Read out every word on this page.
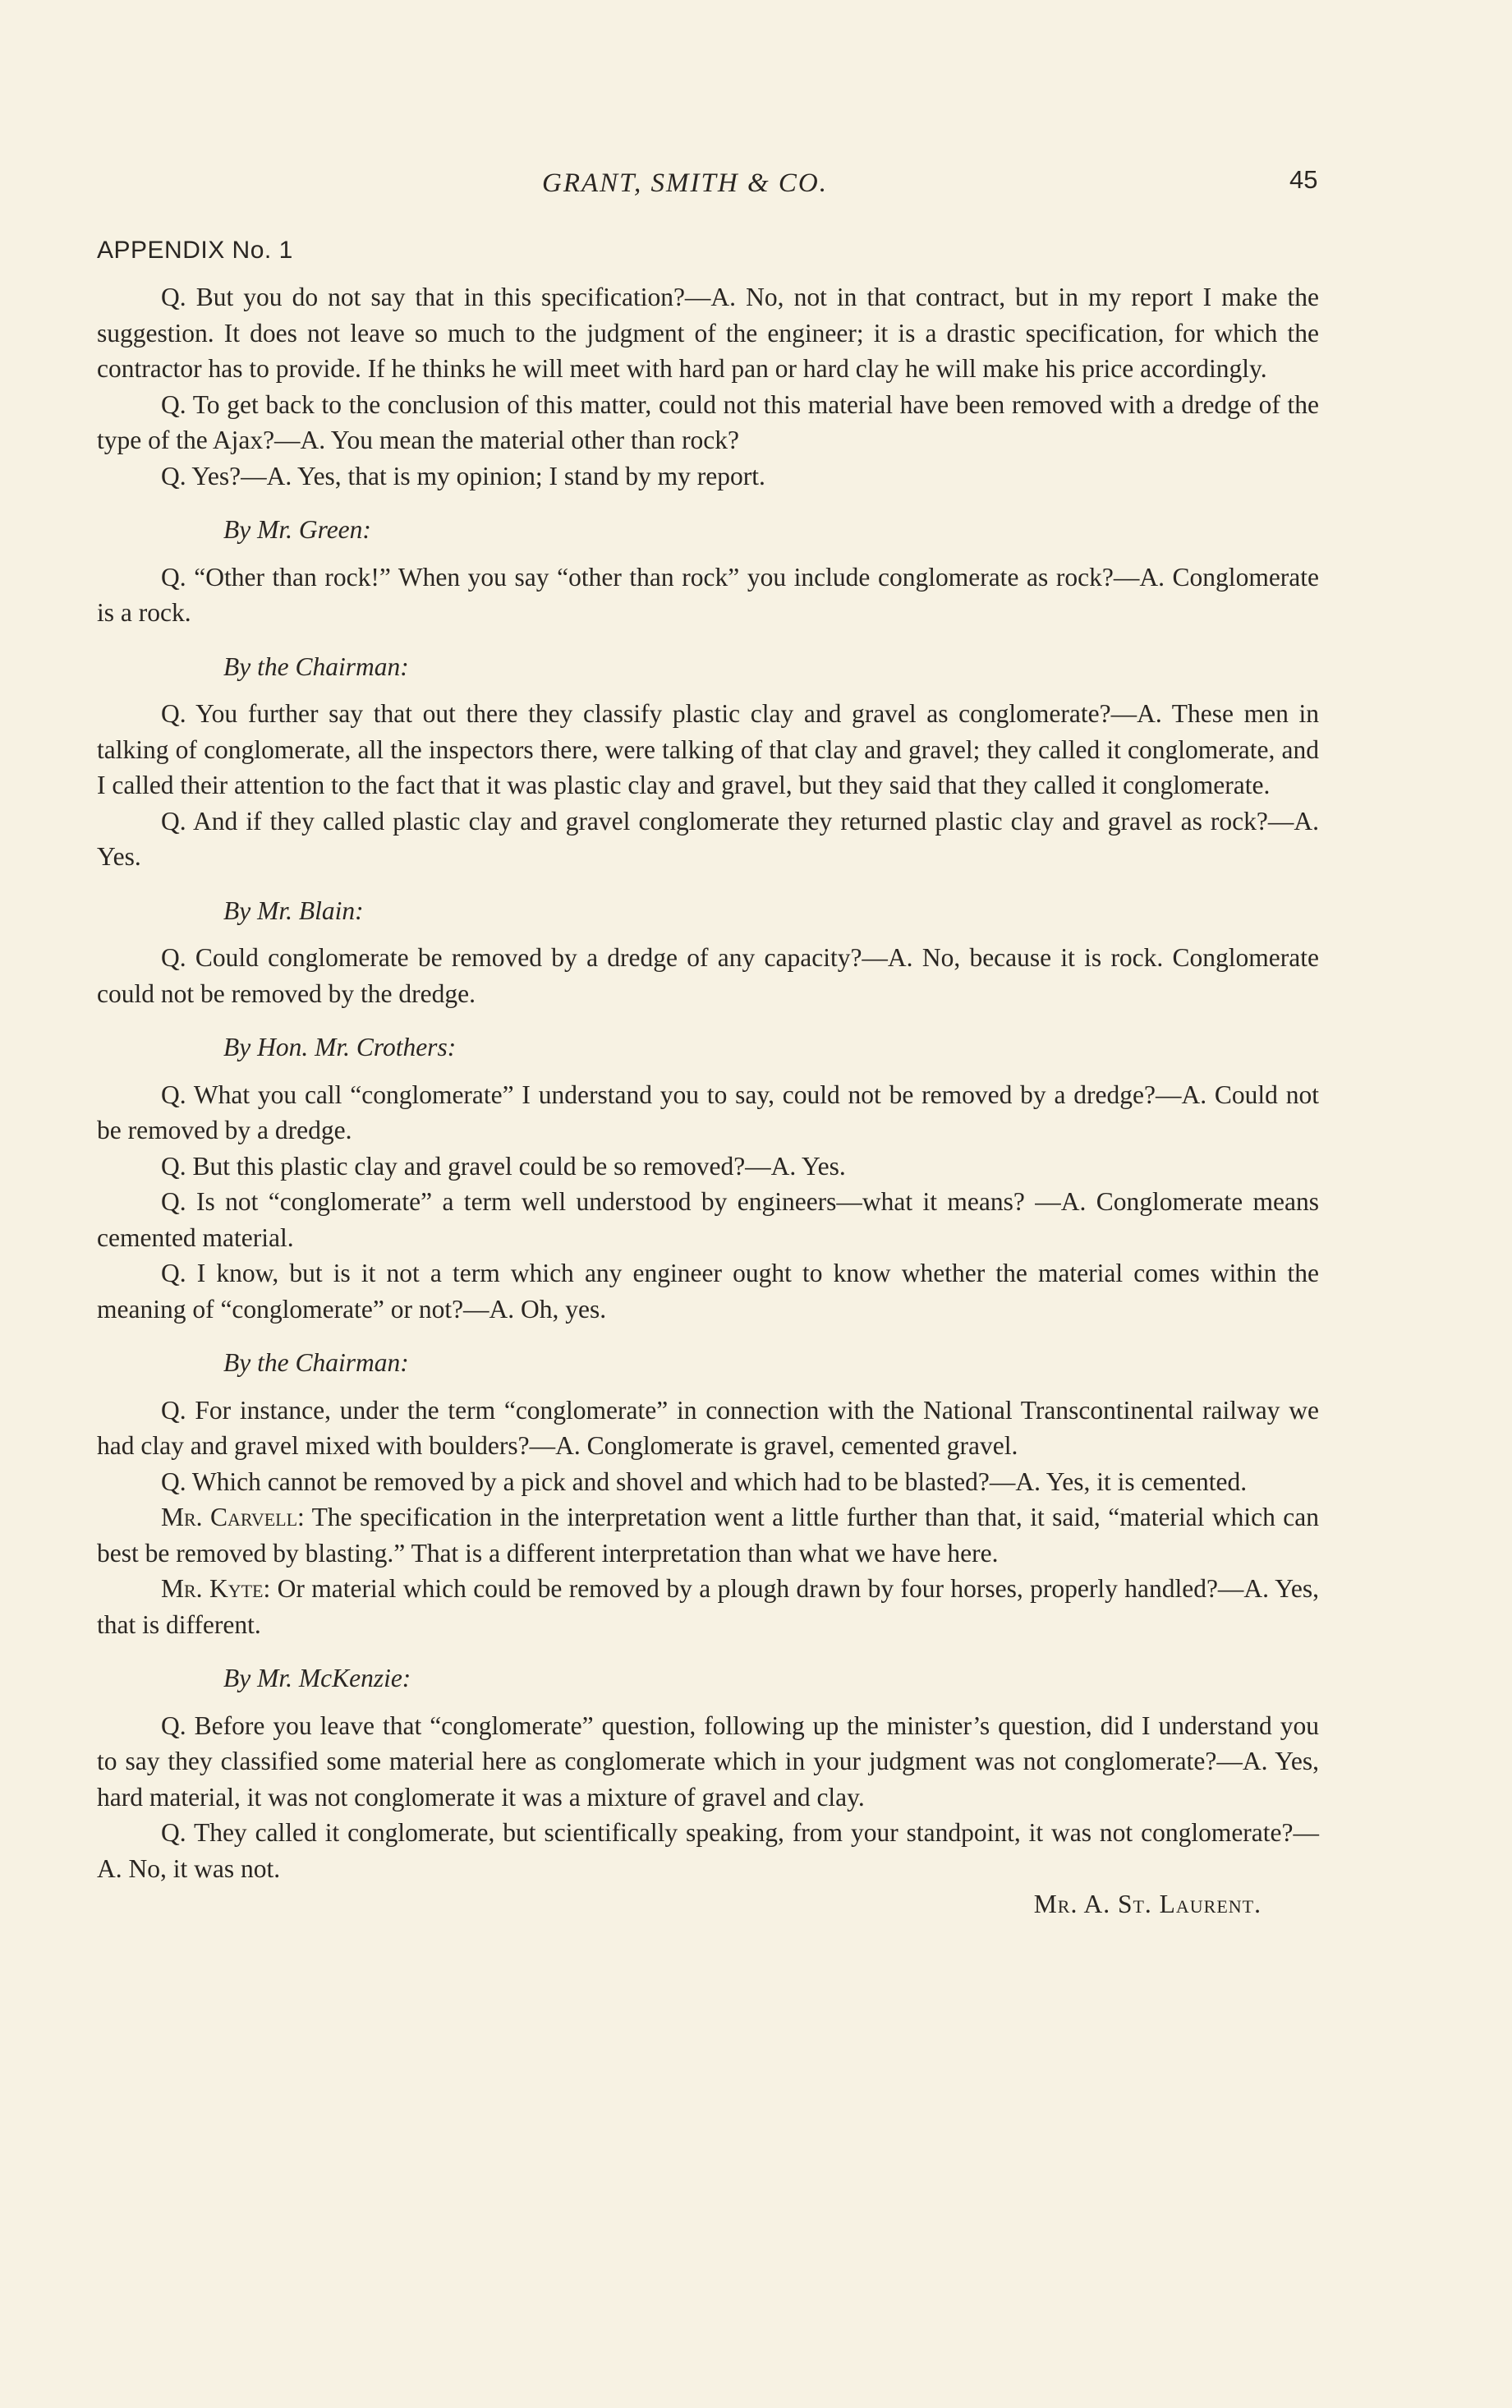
GRANT, SMITH & CO.	45
APPENDIX No. 1

Q. But you do not say that in this specification?—A. No, not in that contract, but in my report I make the suggestion. It does not leave so much to the judgment of the engineer; it is a drastic specification, for which the contractor has to provide. If he thinks he will meet with hard pan or hard clay he will make his price accordingly.

Q. To get back to the conclusion of this matter, could not this material have been removed with a dredge of the type of the Ajax?—A. You mean the material other than rock?

Q. Yes?—A. Yes, that is my opinion; I stand by my report.

By Mr. Green:

Q. “Other than rock!” When you say “other than rock” you include conglomerate as rock?—A. Conglomerate is a rock.

By the Chairman:

Q. You further say that out there they classify plastic clay and gravel as conglomerate?—A. These men in talking of conglomerate, all the inspectors there, were talking of that clay and gravel; they called it conglomerate, and I called their attention to the fact that it was plastic clay and gravel, but they said that they called it conglomerate.

Q. And if they called plastic clay and gravel conglomerate they returned plastic clay and gravel as rock?—A. Yes.

By Mr. Blain:

Q. Could conglomerate be removed by a dredge of any capacity?—A. No, because it is rock. Conglomerate could not be removed by the dredge.

By Hon. Mr. Crothers:

Q. What you call “conglomerate” I understand you to say, could not be removed by a dredge?—A. Could not be removed by a dredge.

Q. But this plastic clay and gravel could be so removed?—A. Yes.

Q. Is not “conglomerate” a term well understood by engineers—what it means? —A. Conglomerate means cemented material.

Q. I know, but is it not a term which any engineer ought to know whether the material comes within the meaning of “conglomerate” or not?—A. Oh, yes.

By the Chairman:

Q. For instance, under the term “conglomerate” in connection with the National Transcontinental railway we had clay and gravel mixed with boulders?—A. Conglomerate is gravel, cemented gravel.

Q. Which cannot be removed by a pick and shovel and which had to be blasted?—A. Yes, it is cemented.

Mr. Carvell: The specification in the interpretation went a little further than that, it said, “material which can best be removed by blasting.” That is a different interpretation than what we have here.

Mr. Kyte: Or material which could be removed by a plough drawn by four horses, properly handled?—A. Yes, that is different.

By Mr. McKenzie:

Q. Before you leave that “conglomerate” question, following up the minister’s question, did I understand you to say they classified some material here as conglomerate which in your judgment was not conglomerate?—A. Yes, hard material, it was not conglomerate it was a mixture of gravel and clay.

Q. They called it conglomerate, but scientifically speaking, from your standpoint, it was not conglomerate?—A. No, it was not.

Mr. A. St. Laurent.
